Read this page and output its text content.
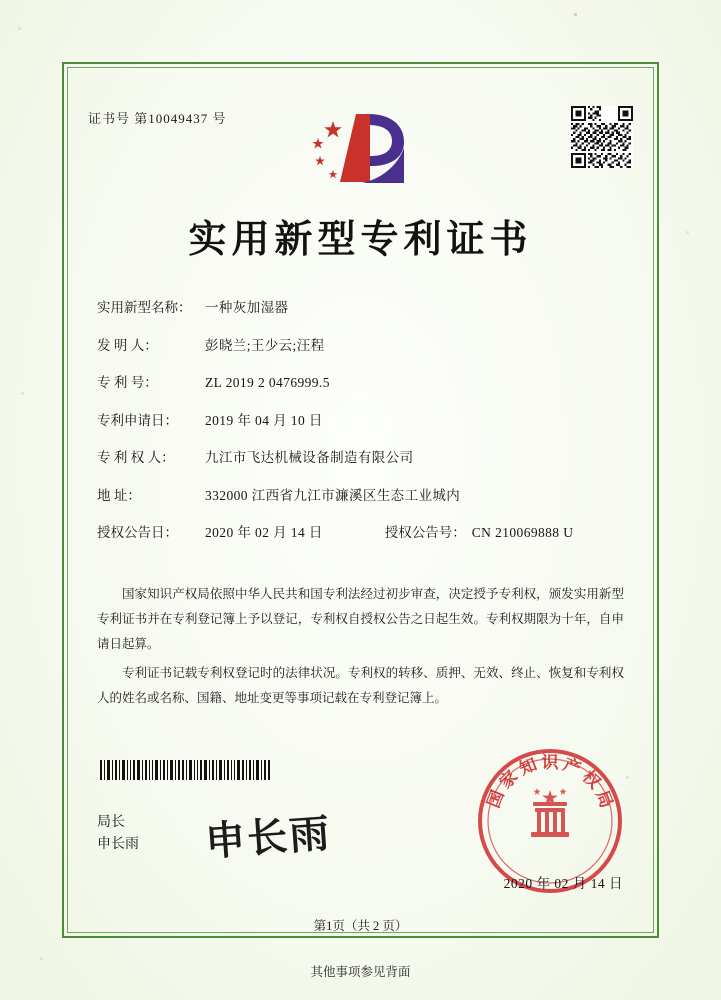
证书号 第10049437 号
实用新型专利证书
实用新型名称：	一种灰加湿器
发 明 人：	彭晓兰;王少云;汪程
专 利 号：	ZL 2019 2 0476999.5
专利申请日：	2019 年 04 月 10 日
专 利 权 人：	九江市飞达机械设备制造有限公司
地 址：	332000 江西省九江市濂溪区生态工业城内
授权公告日：	2020 年 02 月 14 日	授权公告号： CN 210069888 U

国家知识产权局依照中华人民共和国专利法经过初步审查，决定授予专利权，颁发实用新型专利证书并在专利登记簿上予以登记，专利权自授权公告之日起生效。专利权期限为十年，自申请日起算。

专利证书记载专利权登记时的法律状况。专利权的转移、质押、无效、终止、恢复和专利权人的姓名或名称、国籍、地址变更等事项记载在专利登记簿上。

局长
申长雨 申长雨
国
家
知 识 产
权
局
2020 年 02 月 14 日
第1页（共 2 页）
其他事项参见背面
